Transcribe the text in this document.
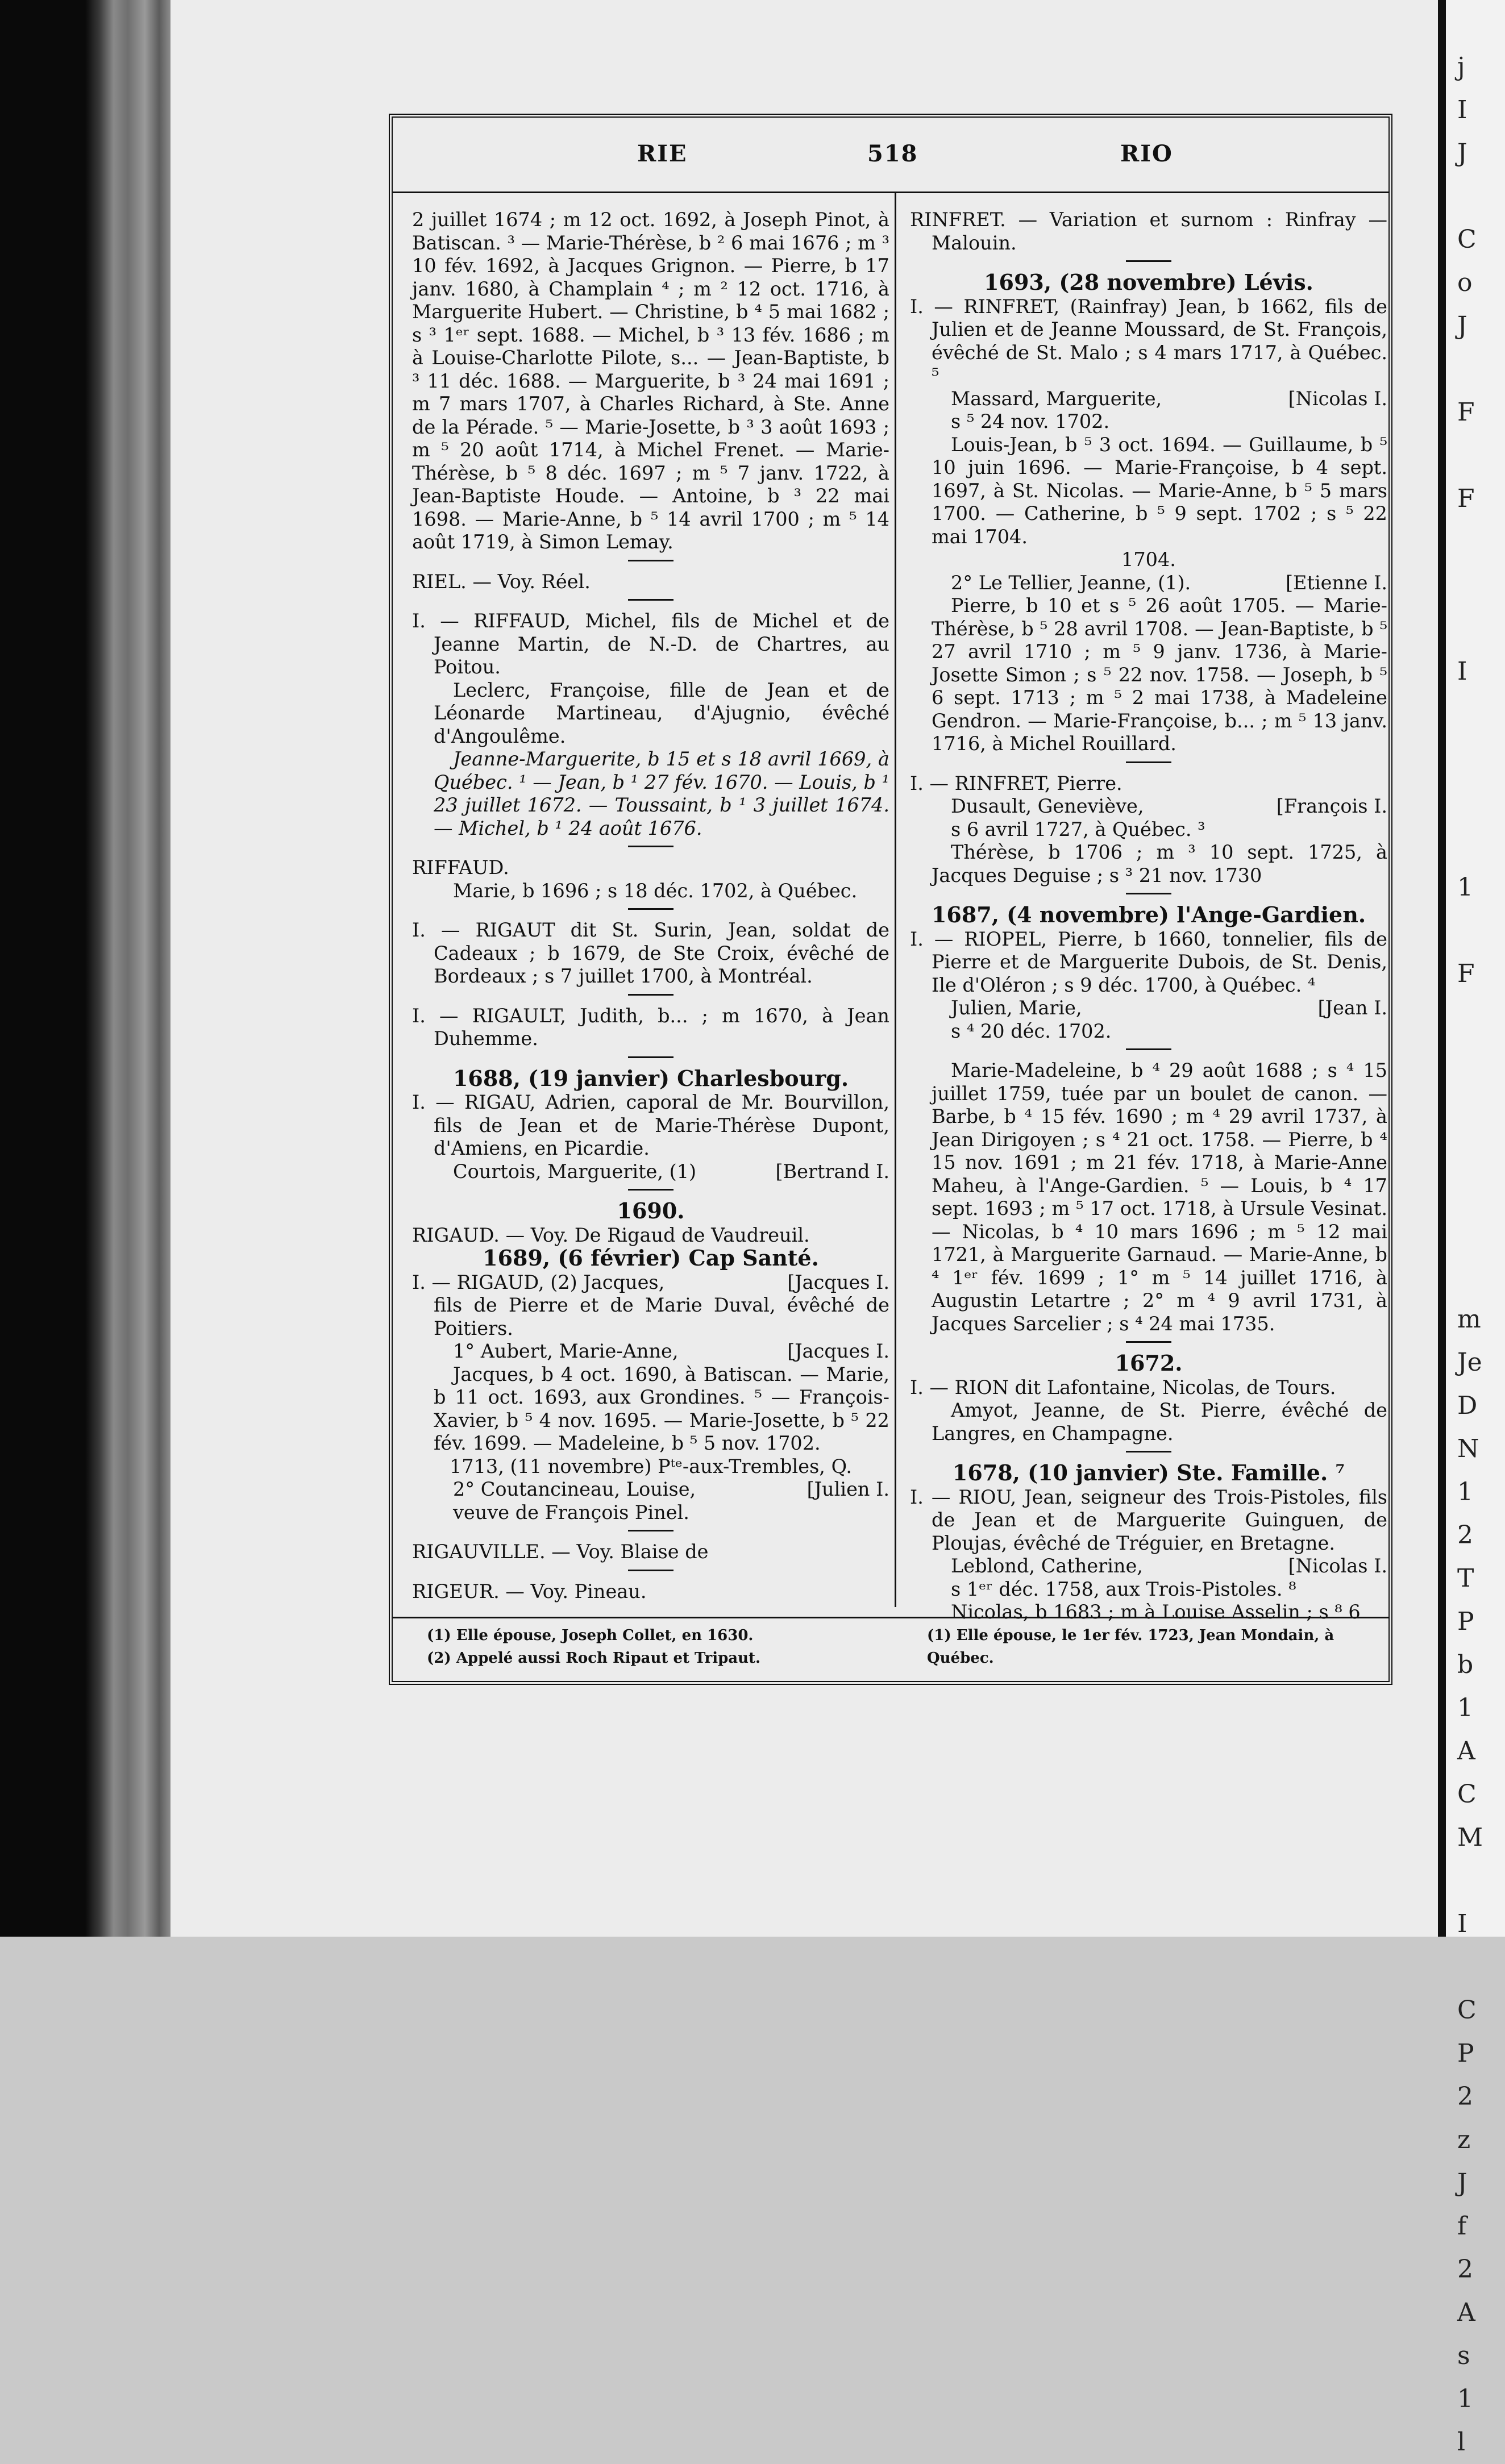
j
I
J

C
o
J

F

F

I

1

F

m
Je
D
N
1
2
T
P
b
1
A
C
M

I

C
P
2
z
J
f
2
A
s
1
l
RIE	518	RIO

2 juillet 1674 ; m 12 oct. 1692, à Joseph Pinot, à Batiscan. ³ — Marie-Thérèse, b ² 6 mai 1676 ; m ³ 10 fév. 1692, à Jacques Grignon. — Pierre, b 17 janv. 1680, à Champlain ⁴ ; m ² 12 oct. 1716, à Marguerite Hubert. — Christine, b ⁴ 5 mai 1682 ; s ³ 1ᵉʳ sept. 1688. — Michel, b ³ 13 fév. 1686 ; m à Louise-Charlotte Pilote, s... — Jean-Baptiste, b ³ 11 déc. 1688. — Marguerite, b ³ 24 mai 1691 ; m 7 mars 1707, à Charles Richard, à Ste. Anne de la Pérade. ⁵ — Marie-Josette, b ³ 3 août 1693 ; m ⁵ 20 août 1714, à Michel Frenet. — Marie-Thérèse, b ⁵ 8 déc. 1697 ; m ⁵ 7 janv. 1722, à Jean-Baptiste Houde. — Antoine, b ³ 22 mai 1698. — Marie-Anne, b ⁵ 14 avril 1700 ; m ⁵ 14 août 1719, à Simon Lemay.

RIEL. — Voy. Réel.

I. — RIFFAUD, Michel, fils de Michel et de Jeanne Martin, de N.-D. de Chartres, au Poitou.

Leclerc, Françoise, fille de Jean et de Léonarde Martineau, d'Ajugnio, évêché d'Angoulême.

Jeanne-Marguerite, b 15 et s 18 avril 1669, à Québec. ¹ — Jean, b ¹ 27 fév. 1670. — Louis, b ¹ 23 juillet 1672. — Toussaint, b ¹ 3 juillet 1674. — Michel, b ¹ 24 août 1676.

RIFFAUD.

Marie, b 1696 ; s 18 déc. 1702, à Québec.

I. — RIGAUT dit St. Surin, Jean, soldat de Cadeaux ; b 1679, de Ste Croix, évêché de Bordeaux ; s 7 juillet 1700, à Montréal.

I. — RIGAULT, Judith, b... ; m 1670, à Jean Duhemme.

1688, (19 janvier) Charlesbourg.

I. — RIGAU, Adrien, caporal de Mr. Bourvillon, fils de Jean et de Marie-Thérèse Dupont, d'Amiens, en Picardie.

Courtois, Marguerite, (1)	[Bertrand I.

1690.

RIGAUD. — Voy. De Rigaud de Vaudreuil.

1689, (6 février) Cap Santé.

I. — RIGAUD, (2) Jacques,	[Jacques I.

fils de Pierre et de Marie Duval, évêché de Poitiers.

1° Aubert, Marie-Anne,	[Jacques I.

Jacques, b 4 oct. 1690, à Batiscan. — Marie, b 11 oct. 1693, aux Grondines. ⁵ — François-Xavier, b ⁵ 4 nov. 1695. — Marie-Josette, b ⁵ 22 fév. 1699. — Madeleine, b ⁵ 5 nov. 1702.

1713, (11 novembre) Pᵗᵉ-aux-Trembles, Q.

2° Coutancineau, Louise,	[Julien I.

veuve de François Pinel.

RIGAUVILLE. — Voy. Blaise de

RIGEUR. — Voy. Pineau.

RINFRET. — Variation et surnom : Rinfray — Malouin.

1693, (28 novembre) Lévis.

I. — RINFRET, (Rainfray) Jean, b 1662, fils de Julien et de Jeanne Moussard, de St. François, évêché de St. Malo ; s 4 mars 1717, à Québec. ⁵

Massard, Marguerite,	[Nicolas I.

s ⁵ 24 nov. 1702.

Louis-Jean, b ⁵ 3 oct. 1694. — Guillaume, b ⁵ 10 juin 1696. — Marie-Françoise, b 4 sept. 1697, à St. Nicolas. — Marie-Anne, b ⁵ 5 mars 1700. — Catherine, b ⁵ 9 sept. 1702 ; s ⁵ 22 mai 1704.

1704.

2° Le Tellier, Jeanne, (1).	[Etienne I.

Pierre, b 10 et s ⁵ 26 août 1705. — Marie-Thérèse, b ⁵ 28 avril 1708. — Jean-Baptiste, b ⁵ 27 avril 1710 ; m ⁵ 9 janv. 1736, à Marie-Josette Simon ; s ⁵ 22 nov. 1758. — Joseph, b ⁵ 6 sept. 1713 ; m ⁵ 2 mai 1738, à Madeleine Gendron. — Marie-Françoise, b... ; m ⁵ 13 janv. 1716, à Michel Rouillard.

I. — RINFRET, Pierre.

Dusault, Geneviève,	[François I.

s 6 avril 1727, à Québec. ³

Thérèse, b 1706 ; m ³ 10 sept. 1725, à Jacques Deguise ; s ³ 21 nov. 1730

1687, (4 novembre) l'Ange-Gardien.

I. — RIOPEL, Pierre, b 1660, tonnelier, fils de Pierre et de Marguerite Dubois, de St. Denis, Ile d'Oléron ; s 9 déc. 1700, à Québec. ⁴

Julien, Marie,	[Jean I.

s ⁴ 20 déc. 1702.

Marie-Madeleine, b ⁴ 29 août 1688 ; s ⁴ 15 juillet 1759, tuée par un boulet de canon. — Barbe, b ⁴ 15 fév. 1690 ; m ⁴ 29 avril 1737, à Jean Dirigoyen ; s ⁴ 21 oct. 1758. — Pierre, b ⁴ 15 nov. 1691 ; m 21 fév. 1718, à Marie-Anne Maheu, à l'Ange-Gardien. ⁵ — Louis, b ⁴ 17 sept. 1693 ; m ⁵ 17 oct. 1718, à Ursule Vesinat. — Nicolas, b ⁴ 10 mars 1696 ; m ⁵ 12 mai 1721, à Marguerite Garnaud. — Marie-Anne, b ⁴ 1ᵉʳ fév. 1699 ; 1° m ⁵ 14 juillet 1716, à Augustin Letartre ; 2° m ⁴ 9 avril 1731, à Jacques Sarcelier ; s ⁴ 24 mai 1735.

1672.

I. — RION dit Lafontaine, Nicolas, de Tours.

Amyot, Jeanne, de St. Pierre, évêché de Langres, en Champagne.

1678, (10 janvier) Ste. Famille. ⁷

I. — RIOU, Jean, seigneur des Trois-Pistoles, fils de Jean et de Marguerite Guinguen, de Ploujas, évêché de Tréguier, en Bretagne.

Leblond, Catherine,	[Nicolas I.

s 1ᵉʳ déc. 1758, aux Trois-Pistoles. ⁸

Nicolas, b 1683 ; m à Louise Asselin ; s ⁸ 6

(1) Elle épouse, Joseph Collet, en 1630.
(2) Appelé aussi Roch Ripaut et Tripaut.
(1) Elle épouse, le 1er fév. 1723, Jean Mondain, à Québec.
